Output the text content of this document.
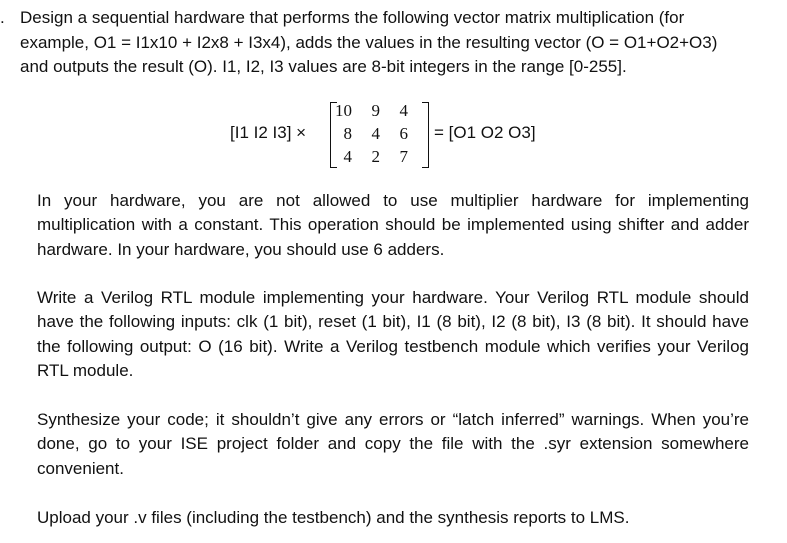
. Design a sequential hardware that performs the following vector matrix multiplication (for example, O1 = I1x10 + I2x8 + I3x4), adds the values in the resulting vector (O = O1+O2+O3) and outputs the result (O). I1, I2, I3 values are 8-bit integers in the range [0-255].

[I1 I2 I3] ×
10	9	4
8	4	6
4	2	7
= [O1 O2 O3]

In your hardware, you are not allowed to use multiplier hardware for implementing multiplication with a constant. This operation should be implemented using shifter and adder hardware. In your hardware, you should use 6 adders.

Write a Verilog RTL module implementing your hardware. Your Verilog RTL module should have the following inputs: clk (1 bit), reset (1 bit), I1 (8 bit), I2 (8 bit), I3 (8 bit). It should have the following output: O (16 bit). Write a Verilog testbench module which verifies your Verilog RTL module.

Synthesize your code; it shouldn’t give any errors or “latch inferred” warnings. When you’re done, go to your ISE project folder and copy the file with the .syr extension somewhere convenient.

Upload your .v files (including the testbench) and the synthesis reports to LMS.
